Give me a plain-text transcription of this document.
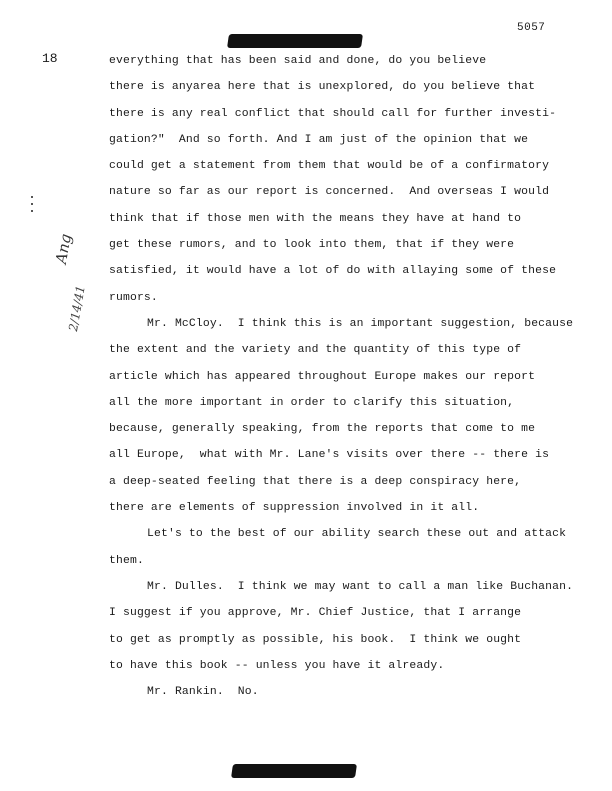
5057
18
Ang
2/14/41
everything that has been said and done, do you believe
there is anyarea here that is unexplored, do you believe that
there is any real conflict that should call for further investi-
gation?"  And so forth. And I am just of the opinion that we
could get a statement from them that would be of a confirmatory
nature so far as our report is concerned.  And overseas I would
think that if those men with the means they have at hand to
get these rumors, and to look into them, that if they were
satisfied, it would have a lot of do with allaying some of these
rumors.
Mr. McCloy.  I think this is an important suggestion, because
the extent and the variety and the quantity of this type of
article which has appeared throughout Europe makes our report
all the more important in order to clarify this situation,
because, generally speaking, from the reports that come to me
all Europe,  what with Mr. Lane's visits over there -- there is
a deep-seated feeling that there is a deep conspiracy here,
there are elements of suppression involved in it all.
Let's to the best of our ability search these out and attack
them.
Mr. Dulles.  I think we may want to call a man like Buchanan.
I suggest if you approve, Mr. Chief Justice, that I arrange
to get as promptly as possible, his book.  I think we ought
to have this book -- unless you have it already.
Mr. Rankin.  No.
